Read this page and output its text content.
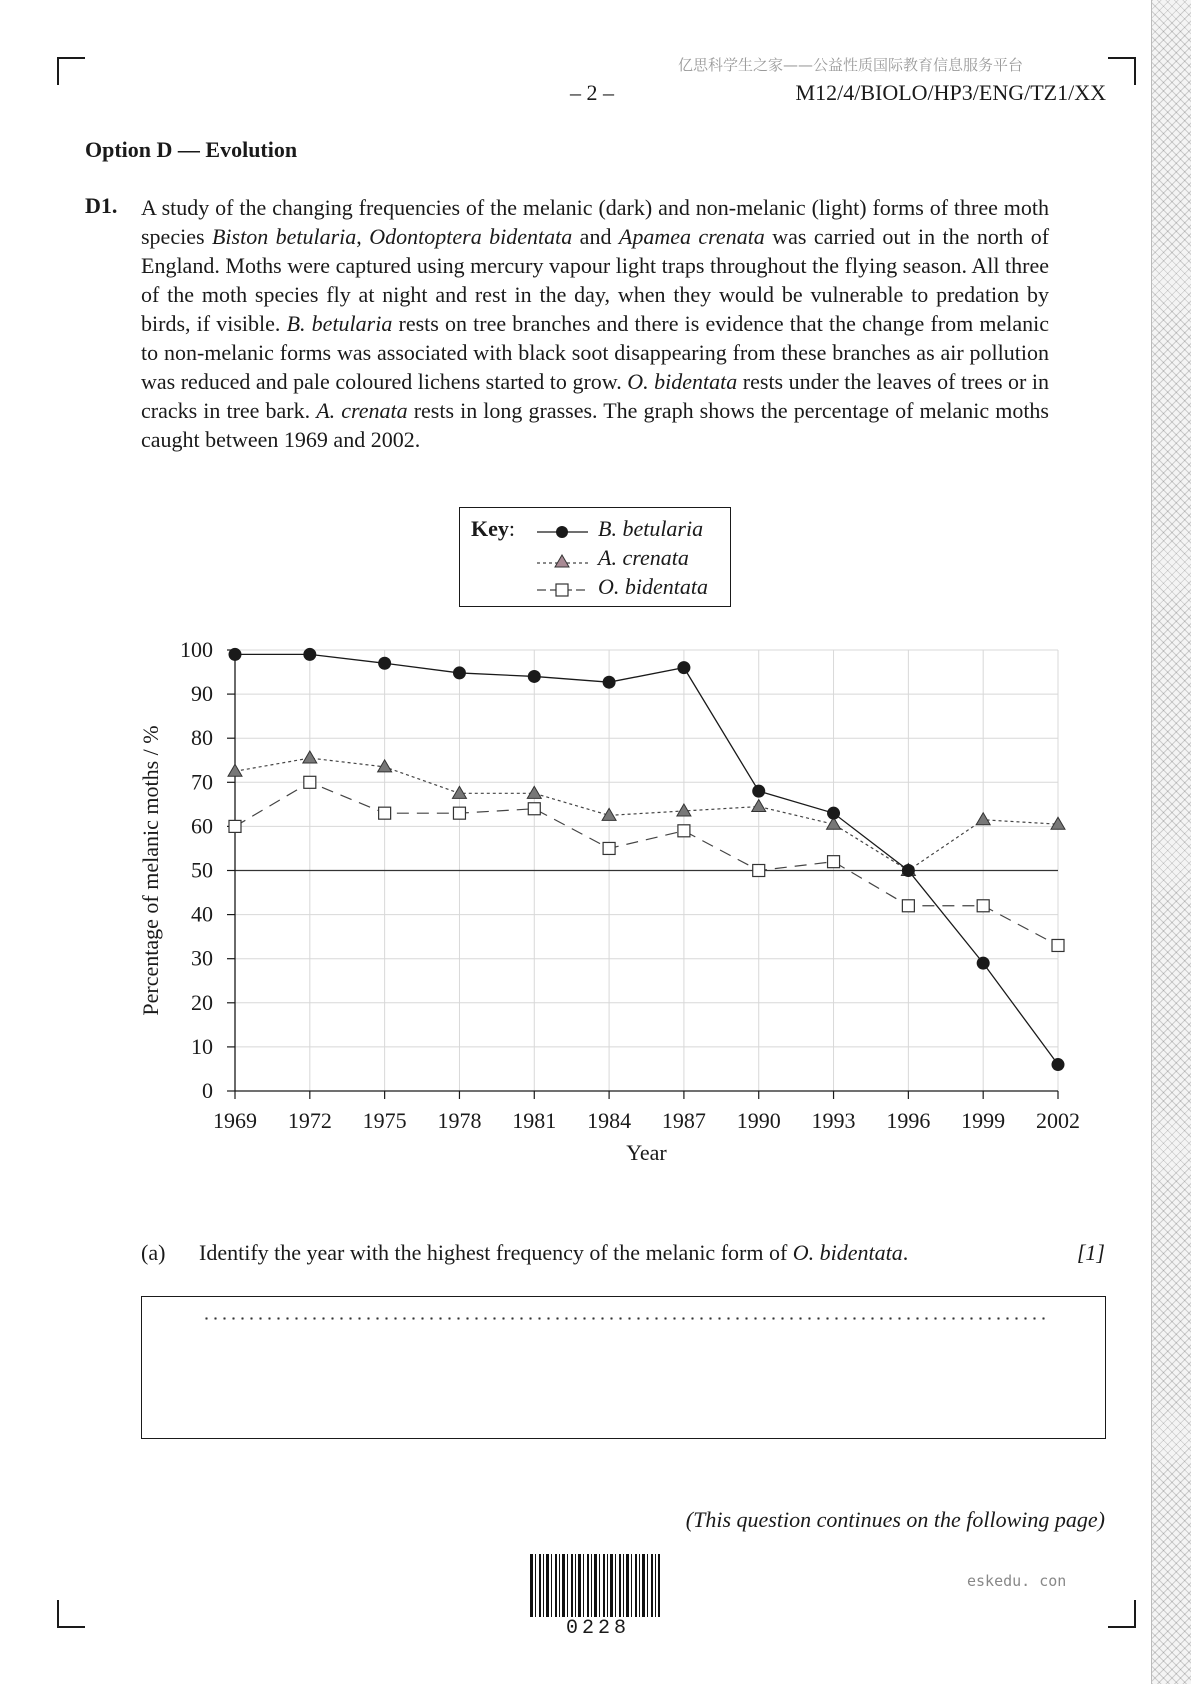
亿思科学生之家——公益性质国际教育信息服务平台
– 2 –	M12/4/BIOLO/HP3/ENG/TZ1/XX
Option D — Evolution
D1. A study of the changing frequencies of the melanic (dark) and non-melanic (light) forms of three moth species Biston betularia, Odontoptera bidentata and Apamea crenata was carried out in the north of England. Moths were captured using mercury vapour light traps throughout the flying season. All three of the moth species fly at night and rest in the day, when they would be vulnerable to predation by birds, if visible. B. betularia rests on tree branches and there is evidence that the change from melanic to non-melanic forms was associated with black soot disappearing from these branches as air pollution was reduced and pale coloured lichens started to grow. O. bidentata rests under the leaves of trees or in cracks in tree bark. A. crenata rests in long grasses. The graph shows the percentage of melanic moths caught between 1969 and 2002.

Key:	B. betularia
A. crenata
O. bidentata
0
10
20
30
40
50
60
70
80
90
100
1969 1972 1975 1978 1981 1984 1987 1990 1993 1996 1999 2002
Year
Percentage of melanic moths / %
(a) Identify the year with the highest frequency of the melanic form of O. bidentata.	[1]
(This question continues on the following page)
0228
eskedu. con
